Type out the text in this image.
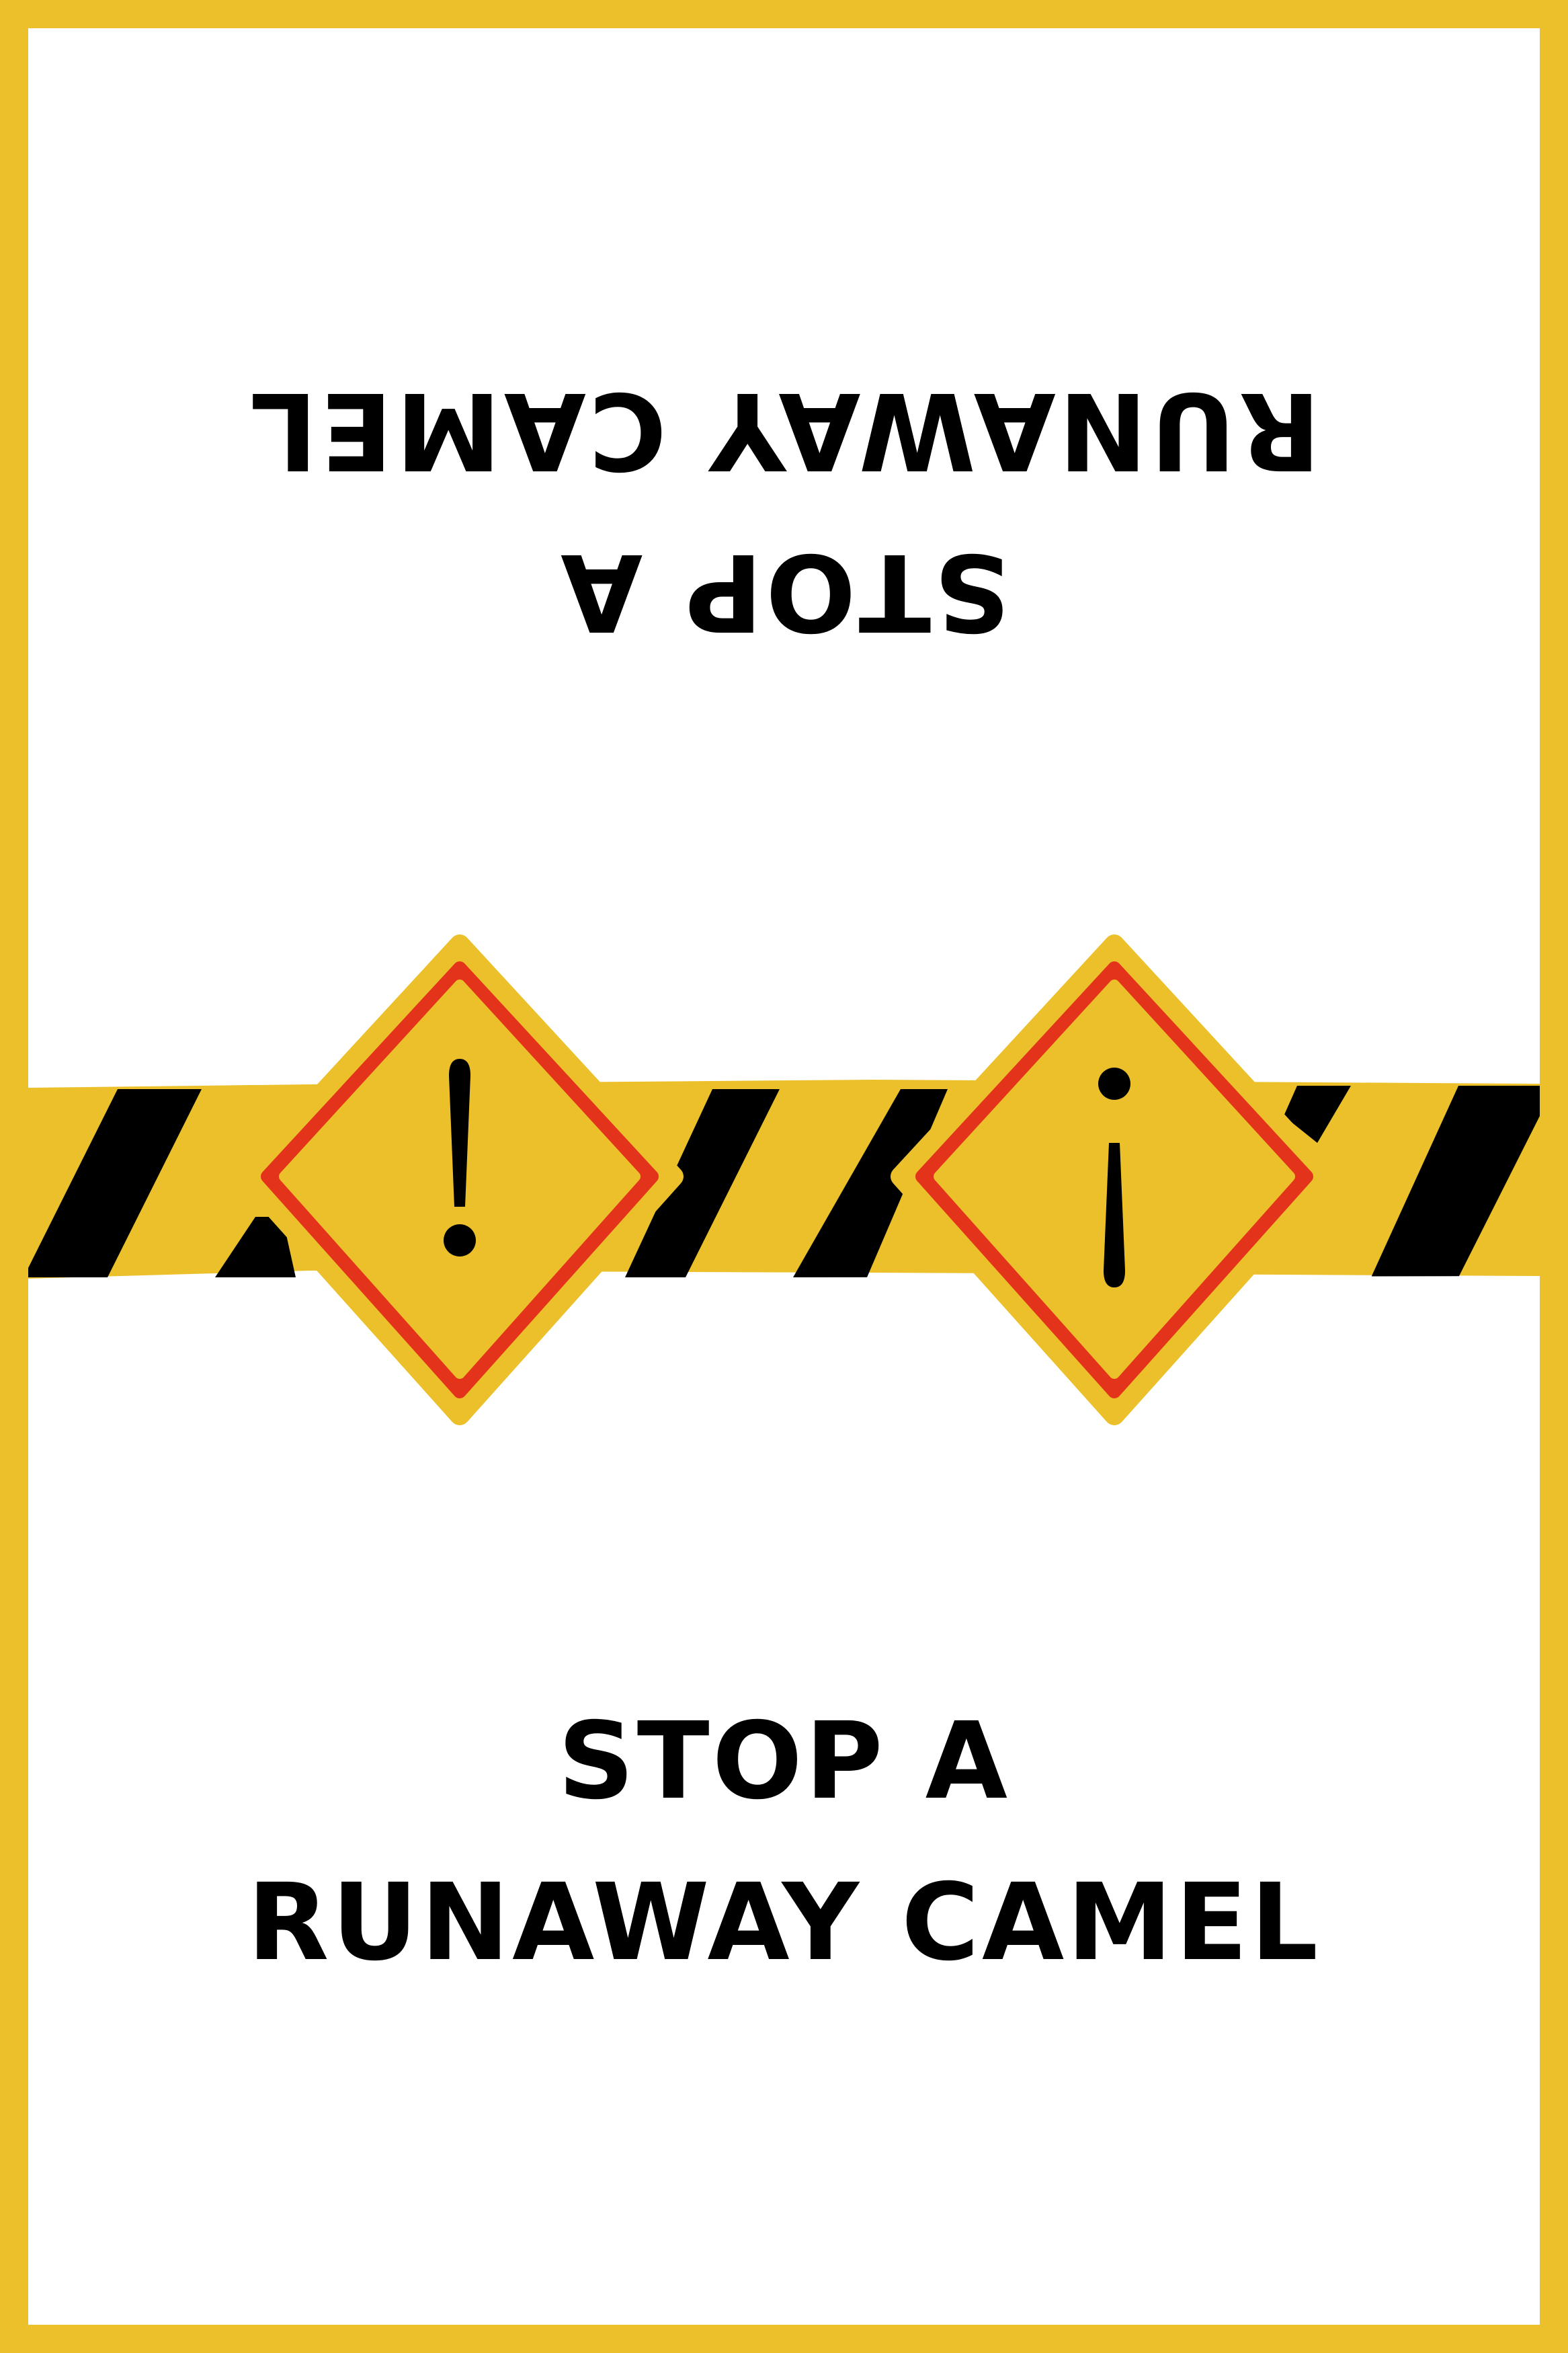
STOP A
RUNAWAY CAMEL
STOP A
RUNAWAY CAMEL
